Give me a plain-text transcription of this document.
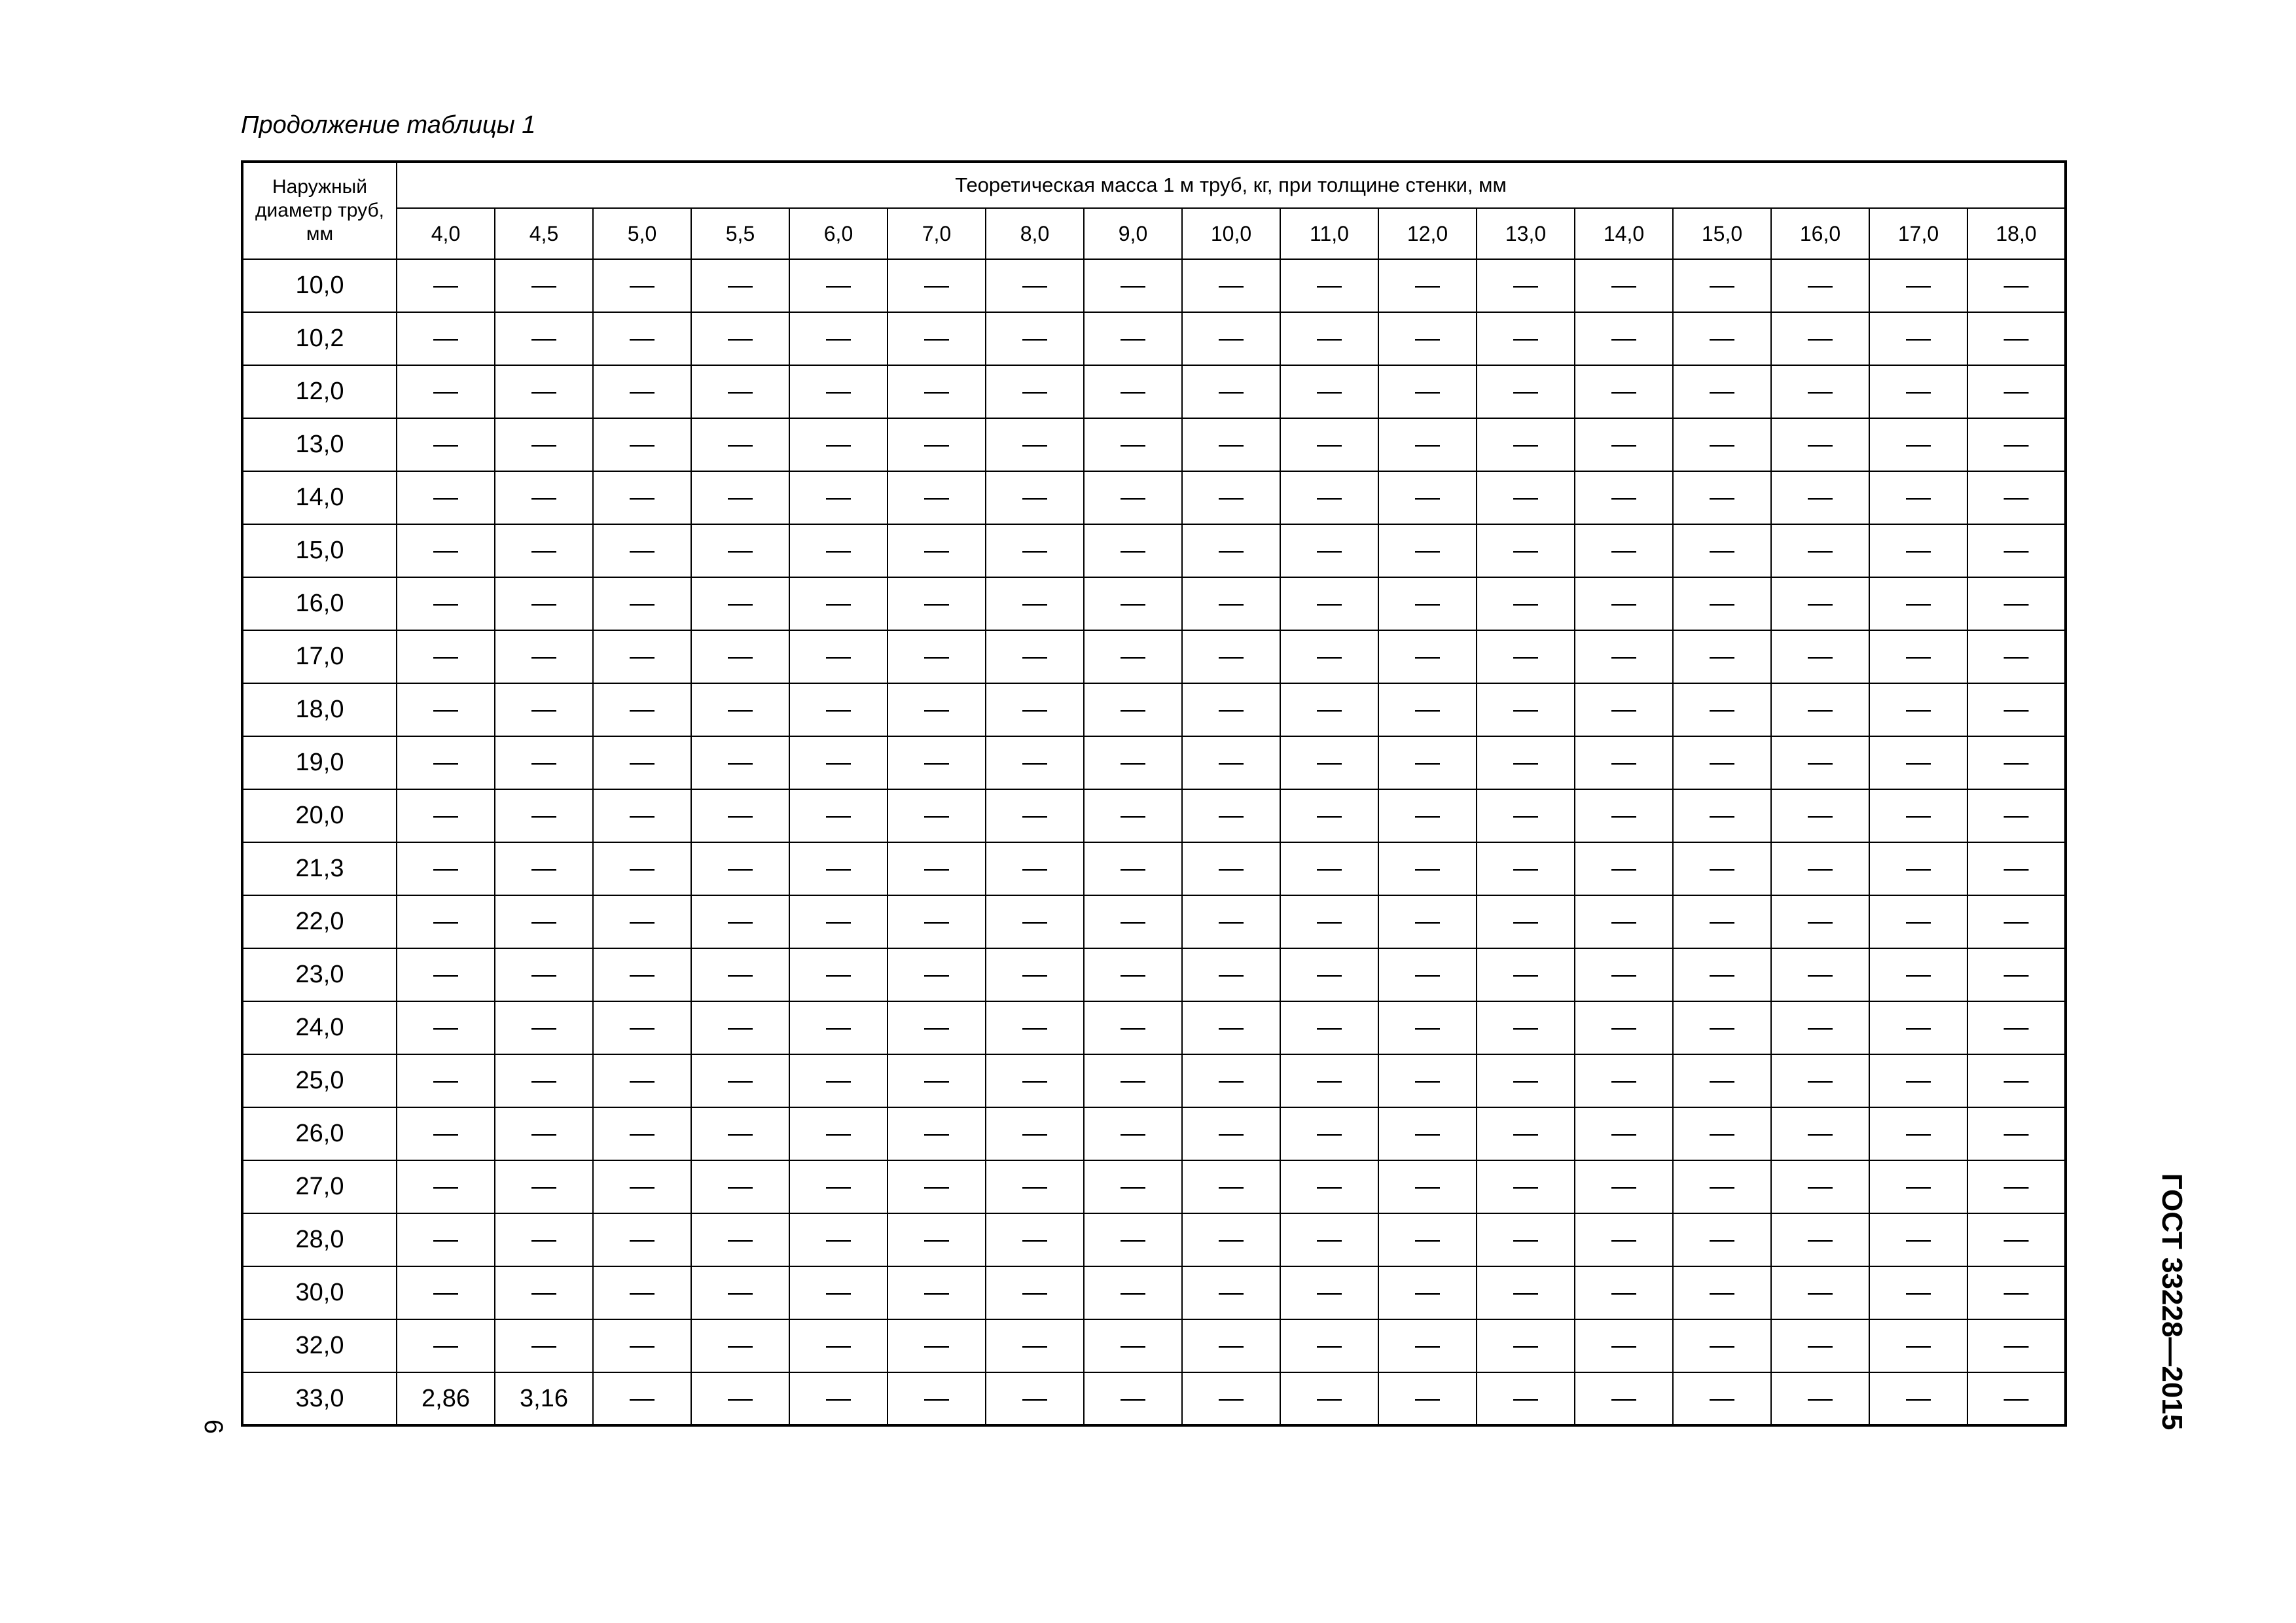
Продолжение таблицы 1
Наружный диаметр труб, мм	Теоретическая масса 1 м труб, кг, при толщине стенки, мм																
	4,0	4,5	5,0	5,5	6,0	7,0	8,0	9,0	10,0	11,0	12,0	13,0	14,0	15,0	16,0	17,0	18,0
10,0	—	—	—	—	—	—	—	—	—	—	—	—	—	—	—	—	—
10,2	—	—	—	—	—	—	—	—	—	—	—	—	—	—	—	—	—
12,0	—	—	—	—	—	—	—	—	—	—	—	—	—	—	—	—	—
13,0	—	—	—	—	—	—	—	—	—	—	—	—	—	—	—	—	—
14,0	—	—	—	—	—	—	—	—	—	—	—	—	—	—	—	—	—
15,0	—	—	—	—	—	—	—	—	—	—	—	—	—	—	—	—	—
16,0	—	—	—	—	—	—	—	—	—	—	—	—	—	—	—	—	—
17,0	—	—	—	—	—	—	—	—	—	—	—	—	—	—	—	—	—
18,0	—	—	—	—	—	—	—	—	—	—	—	—	—	—	—	—	—
19,0	—	—	—	—	—	—	—	—	—	—	—	—	—	—	—	—	—
20,0	—	—	—	—	—	—	—	—	—	—	—	—	—	—	—	—	—
21,3	—	—	—	—	—	—	—	—	—	—	—	—	—	—	—	—	—
22,0	—	—	—	—	—	—	—	—	—	—	—	—	—	—	—	—	—
23,0	—	—	—	—	—	—	—	—	—	—	—	—	—	—	—	—	—
24,0	—	—	—	—	—	—	—	—	—	—	—	—	—	—	—	—	—
25,0	—	—	—	—	—	—	—	—	—	—	—	—	—	—	—	—	—
26,0	—	—	—	—	—	—	—	—	—	—	—	—	—	—	—	—	—
27,0	—	—	—	—	—	—	—	—	—	—	—	—	—	—	—	—	—
28,0	—	—	—	—	—	—	—	—	—	—	—	—	—	—	—	—	—
30,0	—	—	—	—	—	—	—	—	—	—	—	—	—	—	—	—	—
32,0	—	—	—	—	—	—	—	—	—	—	—	—	—	—	—	—	—
33,0	2,86	3,16	—	—	—	—	—	—	—	—	—	—	—	—	—	—	—
6	ГОСТ 33228—2015
